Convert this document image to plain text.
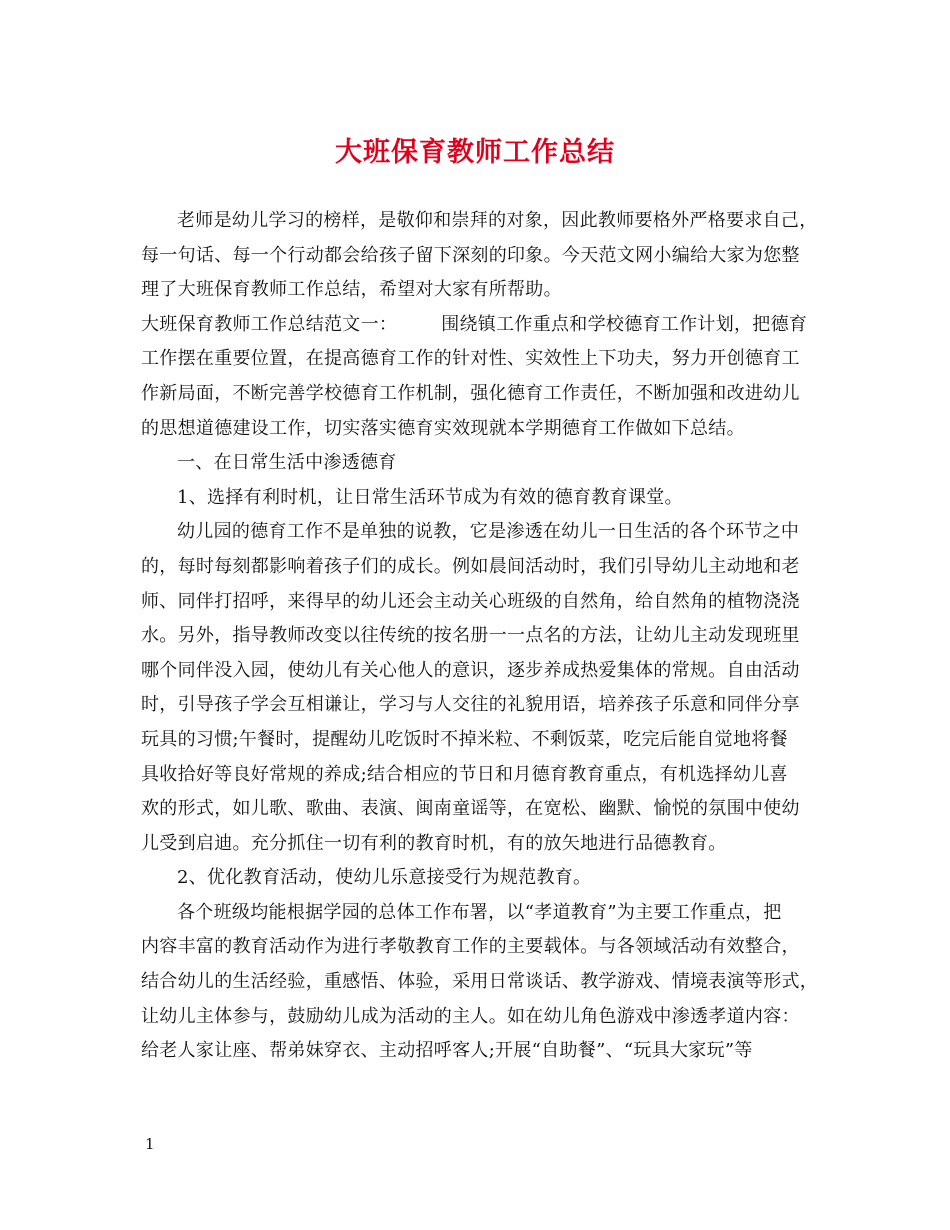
大班保育教师工作总结
老师是幼儿学习的榜样，是敬仰和崇拜的对象，因此教师要格外严格要求自己，
每一句话、每一个行动都会给孩子留下深刻的印象。今天范文网小编给大家为您整
理了大班保育教师工作总结，希望对大家有所帮助。
大班保育教师工作总结范文一： 围绕镇工作重点和学校德育工作计划，把德育
工作摆在重要位置，在提高德育工作的针对性、实效性上下功夫，努力开创德育工
作新局面，不断完善学校德育工作机制，强化德育工作责任，不断加强和改进幼儿
的思想道德建设工作，切实落实德育实效现就本学期德育工作做如下总结。
一、在日常生活中渗透德育
1、选择有利时机，让日常生活环节成为有效的德育教育课堂。
幼儿园的德育工作不是单独的说教，它是渗透在幼儿一日生活的各个环节之中
的，每时每刻都影响着孩子们的成长。例如晨间活动时，我们引导幼儿主动地和老
师、同伴打招呼，来得早的幼儿还会主动关心班级的自然角，给自然角的植物浇浇
水。另外，指导教师改变以往传统的按名册一一点名的方法，让幼儿主动发现班里
哪个同伴没入园，使幼儿有关心他人的意识，逐步养成热爱集体的常规。自由活动
时，引导孩子学会互相谦让，学习与人交往的礼貌用语，培养孩子乐意和同伴分享
玩具的习惯;午餐时，提醒幼儿吃饭时不掉米粒、不剩饭菜，吃完后能自觉地将餐
具收拾好等良好常规的养成;结合相应的节日和月德育教育重点，有机选择幼儿喜
欢的形式，如儿歌、歌曲、表演、闽南童谣等，在宽松、幽默、愉悦的氛围中使幼
儿受到启迪。充分抓住一切有利的教育时机，有的放矢地进行品德教育。
2、优化教育活动，使幼儿乐意接受行为规范教育。
各个班级均能根据学园的总体工作布署，以“孝道教育”为主要工作重点，把
内容丰富的教育活动作为进行孝敬教育工作的主要载体。与各领域活动有效整合，
结合幼儿的生活经验，重感悟、体验，采用日常谈话、教学游戏、情境表演等形式，
让幼儿主体参与，鼓励幼儿成为活动的主人。如在幼儿角色游戏中渗透孝道内容：
给老人家让座、帮弟妹穿衣、主动招呼客人;开展“自助餐”、“玩具大家玩”等
1
